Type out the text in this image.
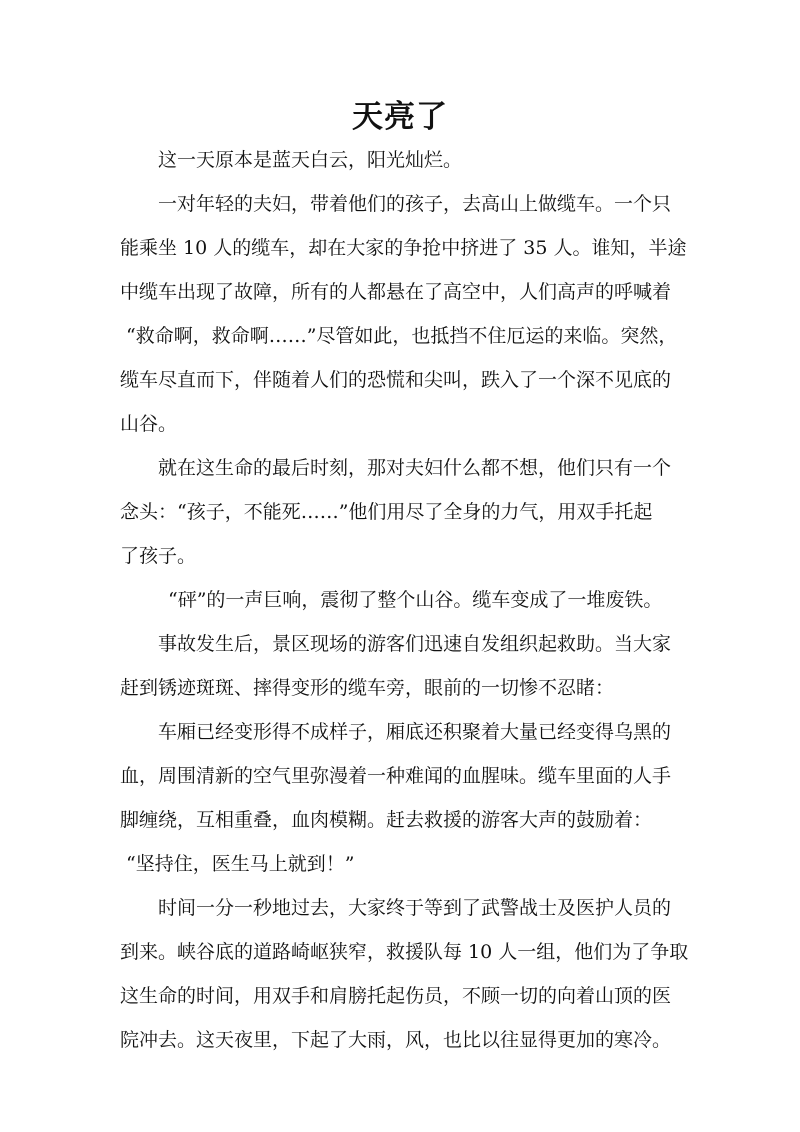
天亮了
这一天原本是蓝天白云，阳光灿烂。
一对年轻的夫妇，带着他们的孩子，去高山上做缆车。一个只
能乘坐 10 人的缆车，却在大家的争抢中挤进了 35 人。谁知，半途
中缆车出现了故障，所有的人都悬在了高空中，人们高声的呼喊着
“救命啊，救命啊……”尽管如此，也抵挡不住厄运的来临。突然，
缆车尽直而下，伴随着人们的恐慌和尖叫，跌入了一个深不见底的
山谷。
就在这生命的最后时刻，那对夫妇什么都不想，他们只有一个
念头：“孩子，不能死……”他们用尽了全身的力气，用双手托起
了孩子。
“砰”的一声巨响，震彻了整个山谷。缆车变成了一堆废铁。
事故发生后，景区现场的游客们迅速自发组织起救助。当大家
赶到锈迹斑斑、摔得变形的缆车旁，眼前的一切惨不忍睹：
车厢已经变形得不成样子，厢底还积聚着大量已经变得乌黑的
血，周围清新的空气里弥漫着一种难闻的血腥味。缆车里面的人手
脚缠绕，互相重叠，血肉模糊。赶去救援的游客大声的鼓励着：
“坚持住，医生马上就到！”
时间一分一秒地过去，大家终于等到了武警战士及医护人员的
到来。峡谷底的道路崎岖狭窄，救援队每 10 人一组，他们为了争取
这生命的时间，用双手和肩膀托起伤员，不顾一切的向着山顶的医
院冲去。这天夜里，下起了大雨，风，也比以往显得更加的寒冷。
